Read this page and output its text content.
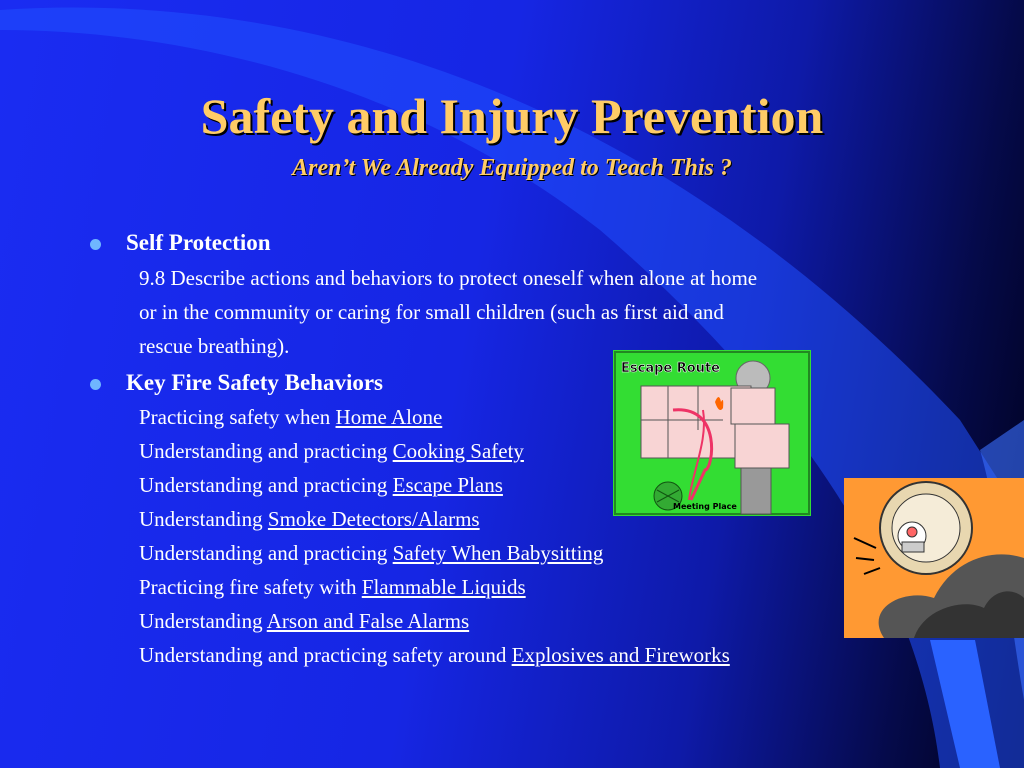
Safety and Injury Prevention
Aren’t We Already Equipped to Teach This ?
Self Protection
9.8 Describe actions and behaviors to protect oneself when alone at home
or in the community or caring for small children (such as first aid and
rescue breathing).
Key Fire Safety Behaviors
Practicing safety when Home Alone
Understanding and practicing Cooking Safety
Understanding and practicing Escape Plans
Understanding Smoke Detectors/Alarms
Understanding and practicing Safety When Babysitting
Practicing fire safety with Flammable Liquids
Understanding Arson and False Alarms
Understanding and practicing safety around Explosives and Fireworks
Escape Route
Meeting Place
